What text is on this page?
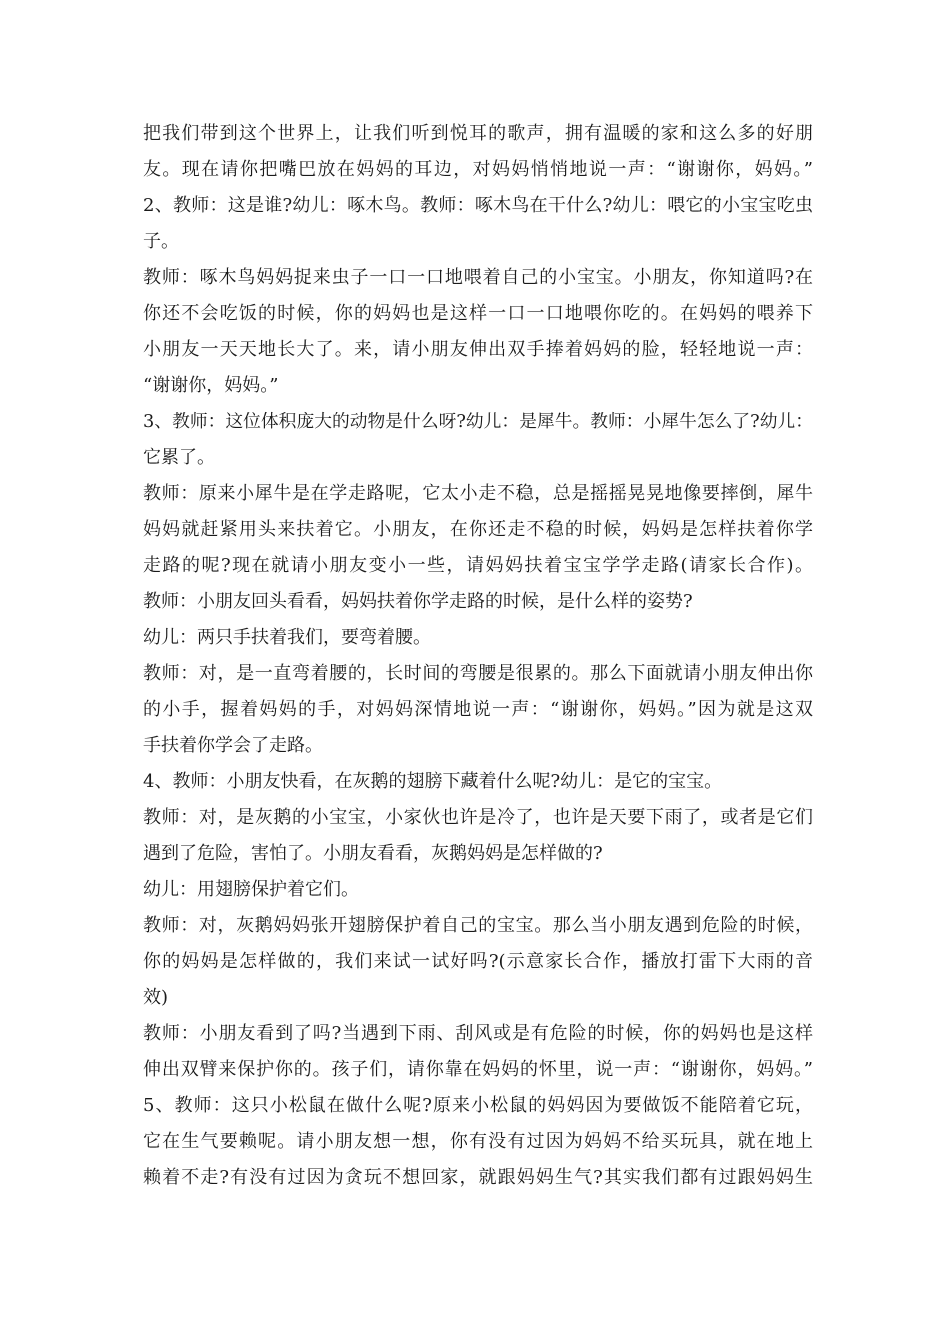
把我们带到这个世界上，让我们听到悦耳的歌声，拥有温暖的家和这么多的好朋
友。现在请你把嘴巴放在妈妈的耳边，对妈妈悄悄地说一声：“谢谢你，妈妈。”
2、教师：这是谁?幼儿：啄木鸟。教师：啄木鸟在干什么?幼儿：喂它的小宝宝吃虫
子。
教师：啄木鸟妈妈捉来虫子一口一口地喂着自己的小宝宝。小朋友，你知道吗?在
你还不会吃饭的时候，你的妈妈也是这样一口一口地喂你吃的。在妈妈的喂养下
小朋友一天天地长大了。来，请小朋友伸出双手捧着妈妈的脸，轻轻地说一声：
“谢谢你，妈妈。”
3、教师：这位体积庞大的动物是什么呀?幼儿：是犀牛。教师：小犀牛怎么了?幼儿：
它累了。
教师：原来小犀牛是在学走路呢，它太小走不稳，总是摇摇晃晃地像要摔倒，犀牛
妈妈就赶紧用头来扶着它。小朋友，在你还走不稳的时候，妈妈是怎样扶着你学
走路的呢?现在就请小朋友变小一些，请妈妈扶着宝宝学学走路(请家长合作)。
教师：小朋友回头看看，妈妈扶着你学走路的时候，是什么样的姿势?
幼儿：两只手扶着我们，要弯着腰。
教师：对，是一直弯着腰的，长时间的弯腰是很累的。那么下面就请小朋友伸出你
的小手，握着妈妈的手，对妈妈深情地说一声：“谢谢你，妈妈。”因为就是这双
手扶着你学会了走路。
4、教师：小朋友快看，在灰鹅的翅膀下藏着什么呢?幼儿：是它的宝宝。
教师：对，是灰鹅的小宝宝，小家伙也许是冷了，也许是天要下雨了，或者是它们
遇到了危险，害怕了。小朋友看看，灰鹅妈妈是怎样做的?
幼儿：用翅膀保护着它们。
教师：对，灰鹅妈妈张开翅膀保护着自己的宝宝。那么当小朋友遇到危险的时候，
你的妈妈是怎样做的，我们来试一试好吗?(示意家长合作，播放打雷下大雨的音
效)
教师：小朋友看到了吗?当遇到下雨、刮风或是有危险的时候，你的妈妈也是这样
伸出双臂来保护你的。孩子们，请你靠在妈妈的怀里，说一声：“谢谢你，妈妈。”
5、教师：这只小松鼠在做什么呢?原来小松鼠的妈妈因为要做饭不能陪着它玩，
它在生气要赖呢。请小朋友想一想，你有没有过因为妈妈不给买玩具，就在地上
赖着不走?有没有过因为贪玩不想回家，就跟妈妈生气?其实我们都有过跟妈妈生
